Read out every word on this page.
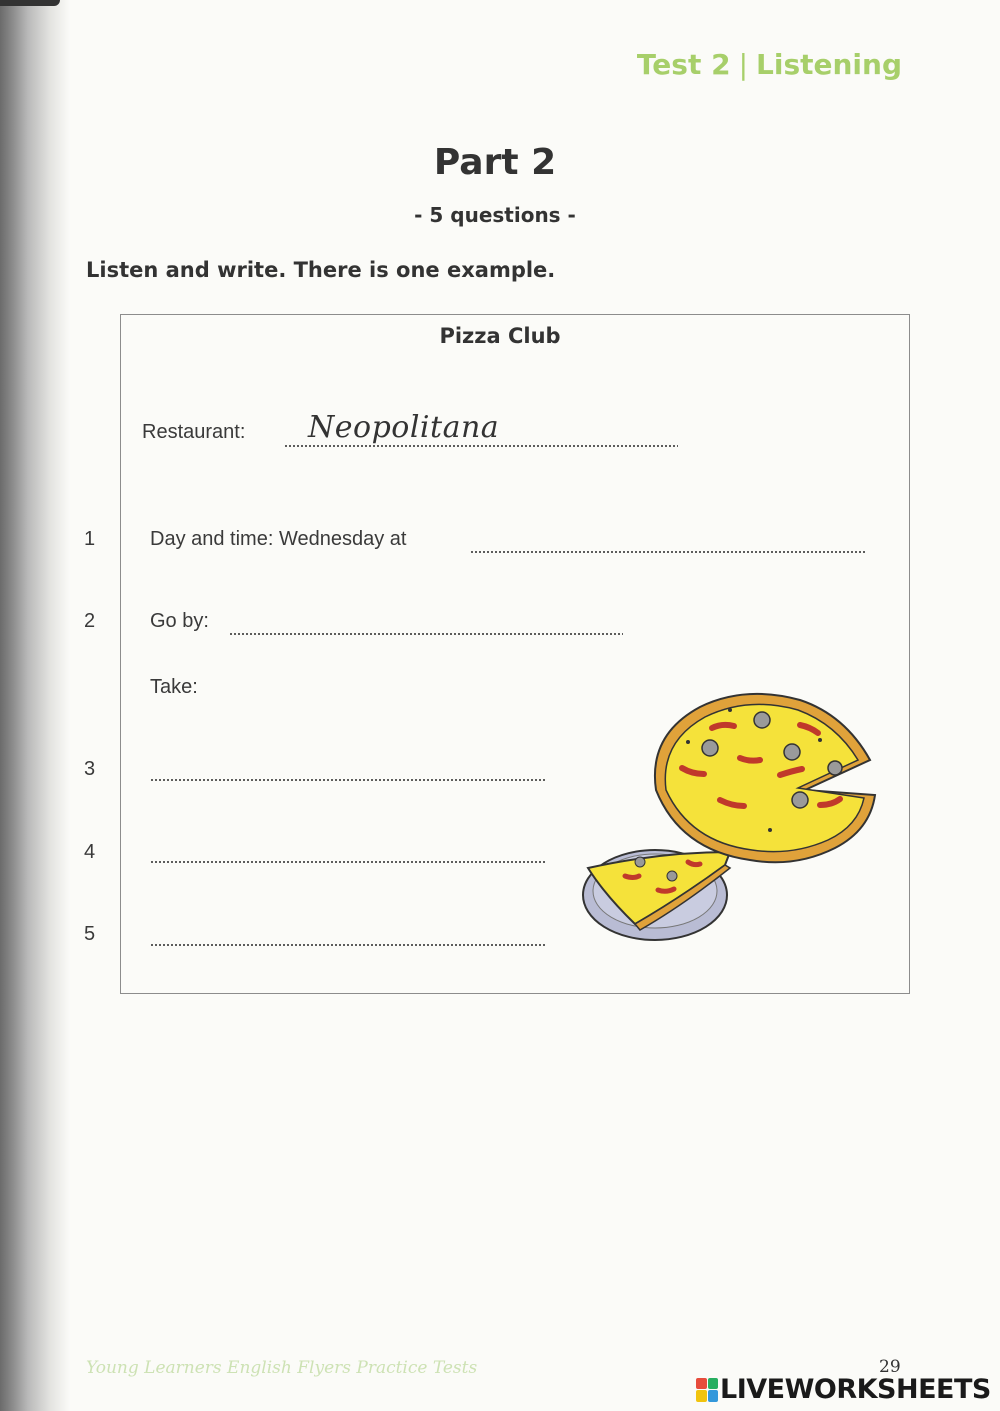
Test 2 | Listening
Part 2
- 5 questions -
Listen and write. There is one example.
Pizza Club
Restaurant: Neopolitana
1	Day and time: Wednesday at
2	Go by:
Take:
3
4
5
Young Learners English Flyers Practice Tests	29
LIVEWORKSHEETS
